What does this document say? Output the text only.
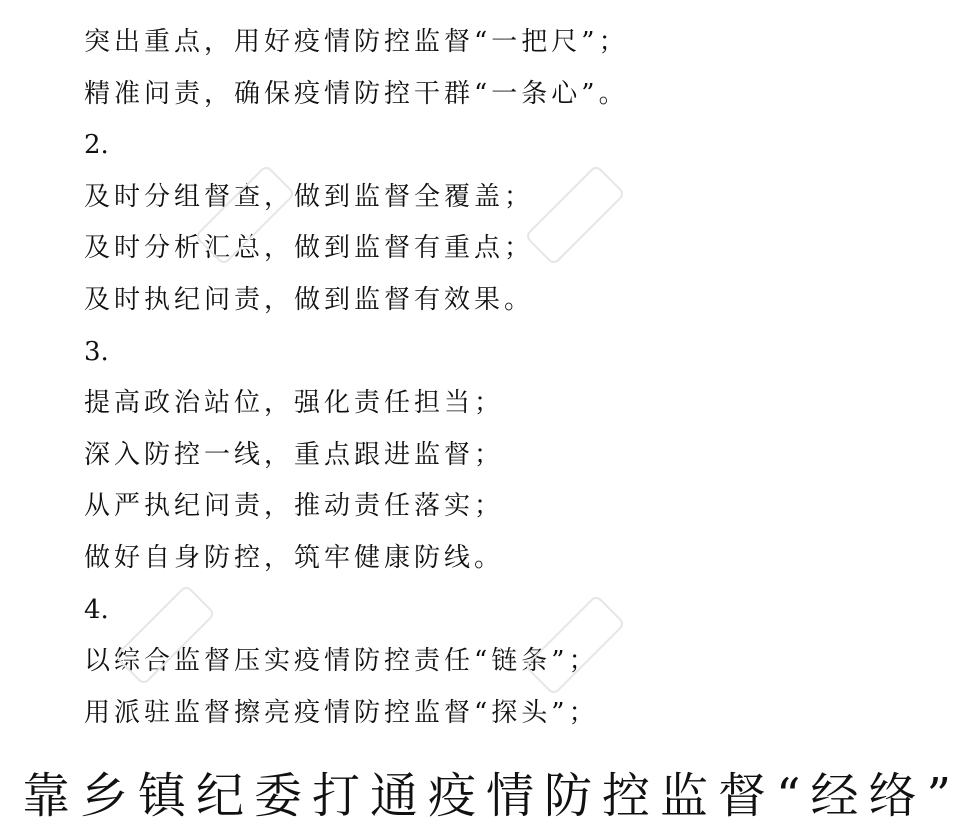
突出重点，用好疫情防控监督“一把尺”；
精准问责，确保疫情防控干群“一条心”。
2.
及时分组督查，做到监督全覆盖；
及时分析汇总，做到监督有重点；
及时执纪问责，做到监督有效果。
3.
提高政治站位，强化责任担当；
深入防控一线，重点跟进监督；
从严执纪问责，推动责任落实；
做好自身防控，筑牢健康防线。
4.
以综合监督压实疫情防控责任“链条”；
用派驻监督擦亮疫情防控监督“探头”；
靠乡镇纪委打通疫情防控监督“经络”
